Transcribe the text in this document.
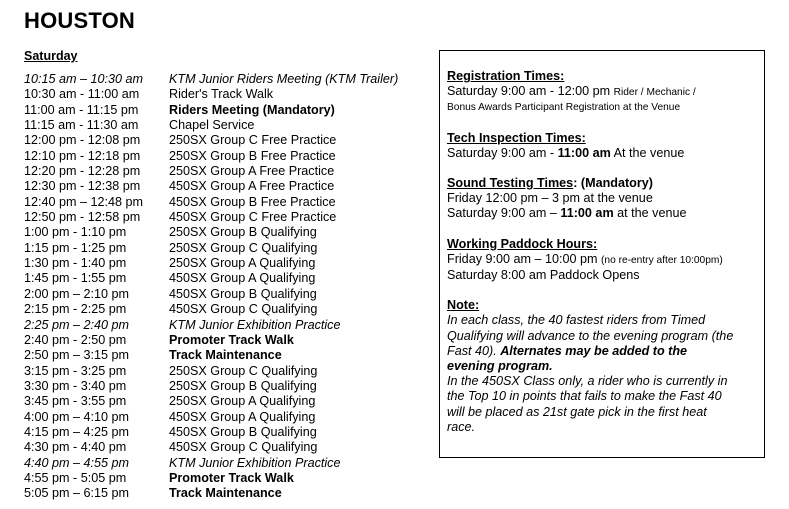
HOUSTON
Saturday
10:15 am – 10:30 am	KTM Junior Riders Meeting (KTM Trailer)
10:30 am - 11:00 am	Rider's Track Walk
11:00 am - 11:15 pm	Riders Meeting (Mandatory)
11:15 am - 11:30 am	Chapel Service
12:00 pm - 12:08 pm	250SX Group C Free Practice
12:10 pm - 12:18 pm	250SX Group B Free Practice
12:20 pm - 12:28 pm	250SX Group A Free Practice
12:30 pm - 12:38 pm	450SX Group A Free Practice
12:40 pm – 12:48 pm	450SX Group B Free Practice
12:50 pm - 12:58 pm	450SX Group C Free Practice
1:00 pm - 1:10 pm	250SX Group B Qualifying
1:15 pm - 1:25 pm	250SX Group C Qualifying
1:30 pm - 1:40 pm	250SX Group A Qualifying
1:45 pm - 1:55 pm	450SX Group A Qualifying
2:00 pm – 2:10 pm	450SX Group B Qualifying
2:15 pm - 2:25 pm	450SX Group C Qualifying
2:25 pm – 2:40 pm	KTM Junior Exhibition Practice
2:40 pm - 2:50 pm	Promoter Track Walk
2:50 pm – 3:15 pm	Track Maintenance
3:15 pm - 3:25 pm	250SX Group C Qualifying
3:30 pm - 3:40 pm	250SX Group B Qualifying
3:45 pm - 3:55 pm	250SX Group A Qualifying
4:00 pm – 4:10 pm	450SX Group A Qualifying
4:15 pm – 4:25 pm	450SX Group B Qualifying
4:30 pm - 4:40 pm	450SX Group C Qualifying
4:40 pm – 4:55 pm	KTM Junior Exhibition Practice
4:55 pm - 5:05 pm	Promoter Track Walk
5:05 pm – 6:15 pm	Track Maintenance
Registration Times:
Saturday 9:00 am - 12:00 pm Rider / Mechanic /
Bonus Awards Participant Registration at the Venue
Tech Inspection Times:
Saturday 9:00 am - 11:00 am At the venue
Sound Testing Times: (Mandatory)
Friday 12:00 pm – 3 pm at the venue
Saturday 9:00 am – 11:00 am at the venue
Working Paddock Hours:
Friday 9:00 am – 10:00 pm (no re-entry after 10:00pm)
Saturday 8:00 am Paddock Opens
Note:
In each class, the 40 fastest riders from Timed
Qualifying will advance to the evening program (the
Fast 40). Alternates may be added to the
evening program.
In the 450SX Class only, a rider who is currently in
the Top 10 in points that fails to make the Fast 40
will be placed as 21st gate pick in the first heat
race.
